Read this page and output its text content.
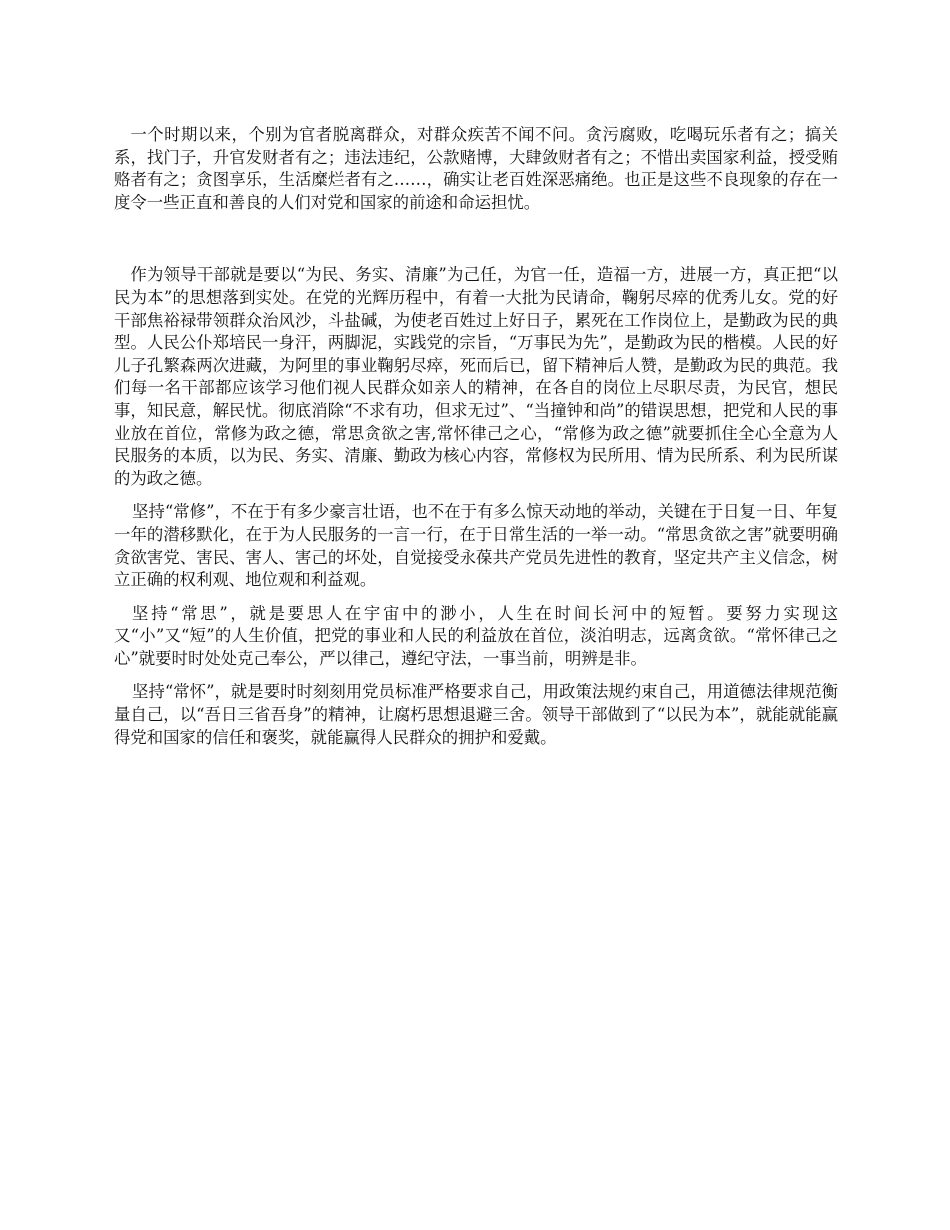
一个时期以来，个别为官者脱离群众，对群众疾苦不闻不问。贪污腐败，吃喝玩乐者有之；搞关系，找门子，升官发财者有之；违法违纪，公款赌博，大肆敛财者有之；不惜出卖国家利益，授受贿赂者有之；贪图享乐，生活糜烂者有之……，确实让老百姓深恶痛绝。也正是这些不良现象的存在一度令一些正直和善良的人们对党和国家的前途和命运担忧。

作为领导干部就是要以“为民、务实、清廉”为己任，为官一任，造福一方，进展一方，真正把“以民为本”的思想落到实处。在党的光辉历程中，有着一大批为民请命，鞠躬尽瘁的优秀儿女。党的好干部焦裕禄带领群众治风沙，斗盐碱，为使老百姓过上好日子，累死在工作岗位上，是勤政为民的典型。人民公仆郑培民一身汗，两脚泥，实践党的宗旨，“万事民为先”，是勤政为民的楷模。人民的好儿子孔繁森两次进藏，为阿里的事业鞠躬尽瘁，死而后已，留下精神后人赞，是勤政为民的典范。我们每一名干部都应该学习他们视人民群众如亲人的精神，在各自的岗位上尽职尽责，为民官，想民事，知民意，解民忧。彻底消除“不求有功，但求无过”、“当撞钟和尚”的错误思想，把党和人民的事业放在首位，常修为政之德，常思贪欲之害,常怀律己之心，“常修为政之德”就要抓住全心全意为人民服务的本质，以为民、务实、清廉、勤政为核心内容，常修权为民所用、情为民所系、利为民所谋的为政之德。

坚持“常修”，不在于有多少豪言壮语，也不在于有多么惊天动地的举动，关键在于日复一日、年复一年的潜移默化，在于为人民服务的一言一行，在于日常生活的一举一动。“常思贪欲之害”就要明确贪欲害党、害民、害人、害己的坏处，自觉接受永葆共产党员先进性的教育，坚定共产主义信念，树立正确的权利观、地位观和利益观。

坚持“常思”，就是要思人在宇宙中的渺小，人生在时间长河中的短暂。要努力实现这又“小”又“短”的人生价值，把党的事业和人民的利益放在首位，淡泊明志，远离贪欲。“常怀律己之心”就要时时处处克己奉公，严以律己，遵纪守法，一事当前，明辨是非。

坚持“常怀”，就是要时时刻刻用党员标准严格要求自己，用政策法规约束自己，用道德法律规范衡量自己，以“吾日三省吾身”的精神，让腐朽思想退避三舍。领导干部做到了“以民为本”，就能就能赢得党和国家的信任和褒奖，就能赢得人民群众的拥护和爱戴。
